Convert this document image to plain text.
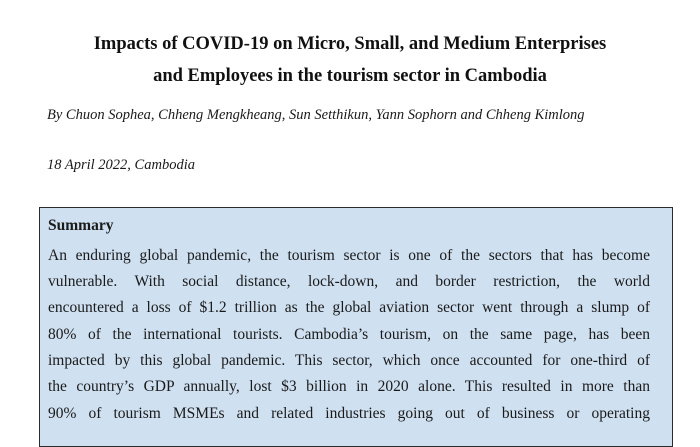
Impacts of COVID-19 on Micro, Small, and Medium Enterprises
and Employees in the tourism sector in Cambodia
By Chuon Sophea, Chheng Mengkheang, Sun Setthikun, Yann Sophorn and Chheng Kimlong
18 April 2022, Cambodia
Summary
An enduring global pandemic, the tourism sector is one of the sectors that has become
vulnerable. With social distance, lock-down, and border restriction, the world
encountered a loss of $1.2 trillion as the global aviation sector went through a slump of
80% of the international tourists. Cambodia’s tourism, on the same page, has been
impacted by this global pandemic. This sector, which once accounted for one-third of
the country’s GDP annually, lost $3 billion in 2020 alone. This resulted in more than
90% of tourism MSMEs and related industries going out of business or operating
